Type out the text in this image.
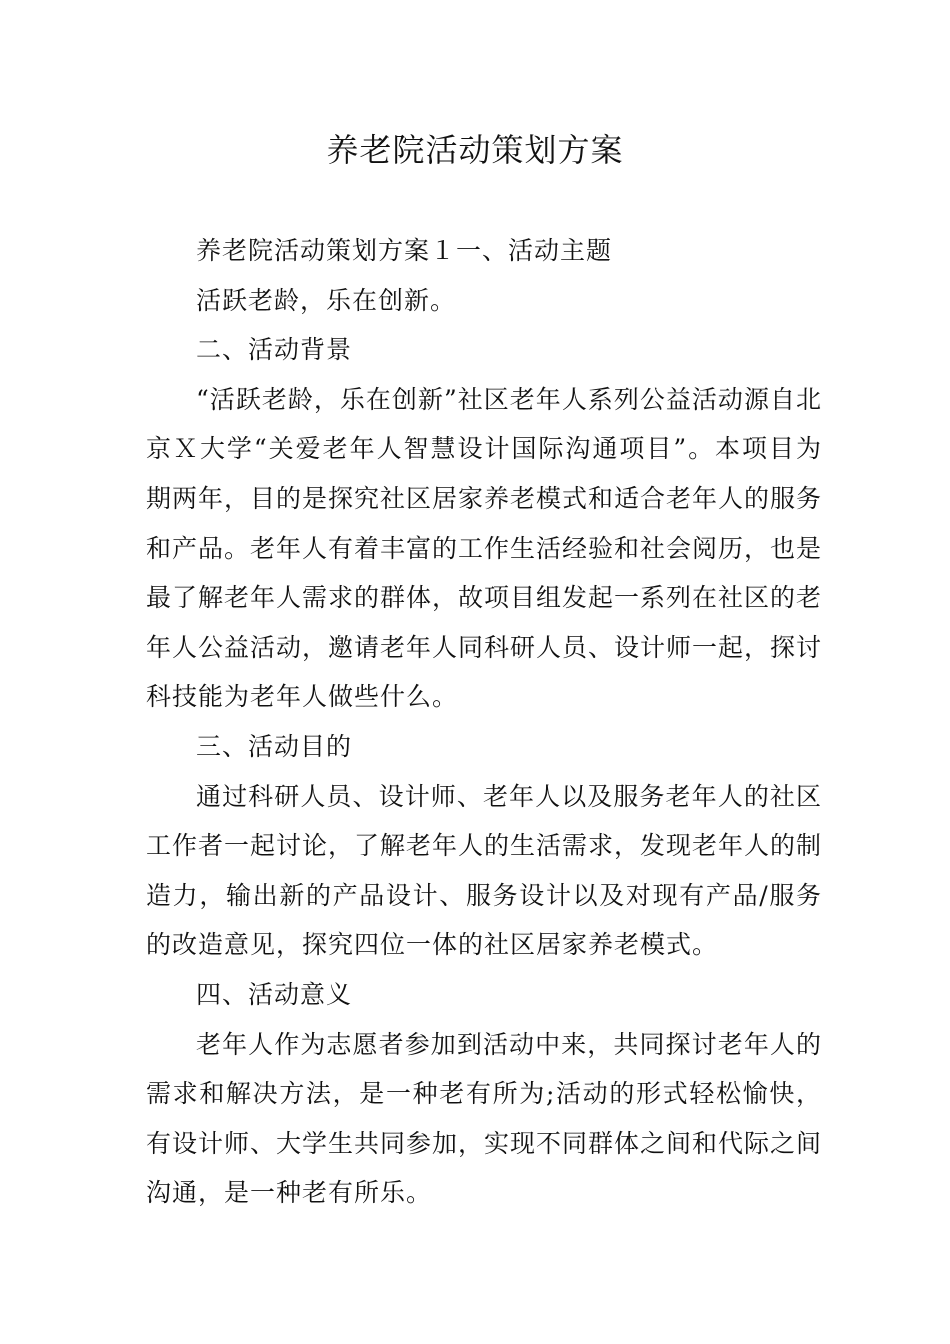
养老院活动策划方案

养老院活动策划方案１一、活动主题

活跃老龄，乐在创新。

二、活动背景

“活跃老龄，乐在创新”社区老年人系列公益活动源自北京Ｘ大学“关爱老年人智慧设计国际沟通项目”。本项目为期两年，目的是探究社区居家养老模式和适合老年人的服务和产品。老年人有着丰富的工作生活经验和社会阅历，也是最了解老年人需求的群体，故项目组发起一系列在社区的老年人公益活动，邀请老年人同科研人员、设计师一起，探讨科技能为老年人做些什么。

三、活动目的

通过科研人员、设计师、老年人以及服务老年人的社区工作者一起讨论，了解老年人的生活需求，发现老年人的制造力，输出新的产品设计、服务设计以及对现有产品/服务的改造意见，探究四位一体的社区居家养老模式。

四、活动意义

老年人作为志愿者参加到活动中来，共同探讨老年人的需求和解决方法，是一种老有所为;活动的形式轻松愉快，有设计师、大学生共同参加，实现不同群体之间和代际之间沟通，是一种老有所乐。
